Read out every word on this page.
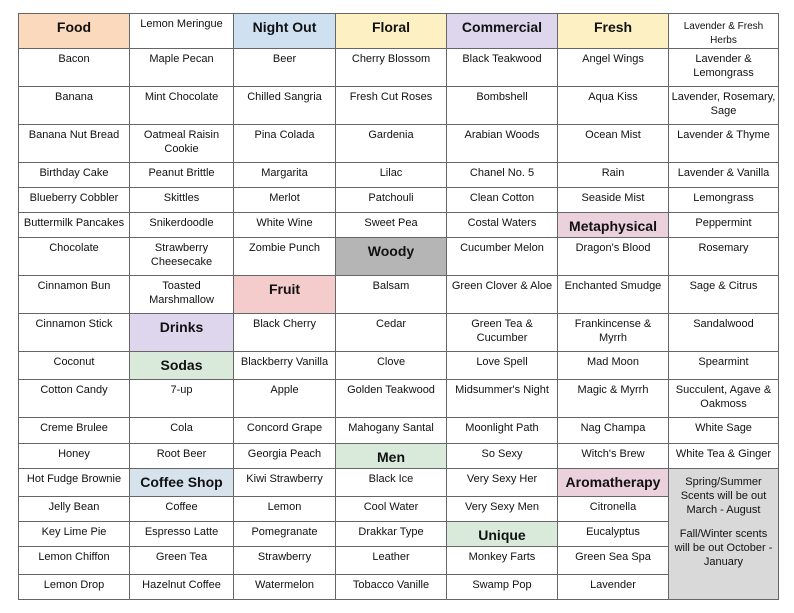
Food	Lemon Meringue	Night Out	Floral	Commercial	Fresh	Lavender & Fresh Herbs
Bacon	Maple Pecan	Beer	Cherry Blossom	Black Teakwood	Angel Wings	Lavender & Lemongrass
Banana	Mint Chocolate	Chilled Sangria	Fresh Cut Roses	Bombshell	Aqua Kiss	Lavender, Rosemary, Sage
Banana Nut Bread	Oatmeal Raisin Cookie	Pina Colada	Gardenia	Arabian Woods	Ocean Mist	Lavender & Thyme
Birthday Cake	Peanut Brittle	Margarita	Lilac	Chanel No. 5	Rain	Lavender & Vanilla
Blueberry Cobbler	Skittles	Merlot	Patchouli	Clean Cotton	Seaside Mist	Lemongrass
Buttermilk Pancakes	Snikerdoodle	White Wine	Sweet Pea	Costal Waters	Metaphysical	Peppermint
Chocolate	Strawberry Cheesecake	Zombie Punch	Woody	Cucumber Melon	Dragon's Blood	Rosemary
Cinnamon Bun	Toasted Marshmallow	Fruit	Balsam	Green Clover & Aloe	Enchanted Smudge	Sage & Citrus
Cinnamon Stick	Drinks	Black Cherry	Cedar	Green Tea & Cucumber	Frankincense & Myrrh	Sandalwood
Coconut	Sodas	Blackberry Vanilla	Clove	Love Spell	Mad Moon	Spearmint
Cotton Candy	7-up	Apple	Golden Teakwood	Midsummer's Night	Magic & Myrrh	Succulent, Agave & Oakmoss
Creme Brulee	Cola	Concord Grape	Mahogany Santal	Moonlight Path	Nag Champa	White Sage
Honey	Root Beer	Georgia Peach	Men	So Sexy	Witch's Brew	White Tea & Ginger
Hot Fudge Brownie	Coffee Shop	Kiwi Strawberry	Black Ice	Very Sexy Her	Aromatherapy	Spring/Summer Scents will be out March - August
Fall/Winter scents will be out October - January
Jelly Bean	Coffee	Lemon	Cool Water	Very Sexy Men	Citronella	
Key Lime Pie	Espresso Latte	Pomegranate	Drakkar Type	Unique	Eucalyptus	
Lemon Chiffon	Green Tea	Strawberry	Leather	Monkey Farts	Green Sea Spa	
Lemon Drop	Hazelnut Coffee	Watermelon	Tobacco Vanille	Swamp Pop	Lavender	
